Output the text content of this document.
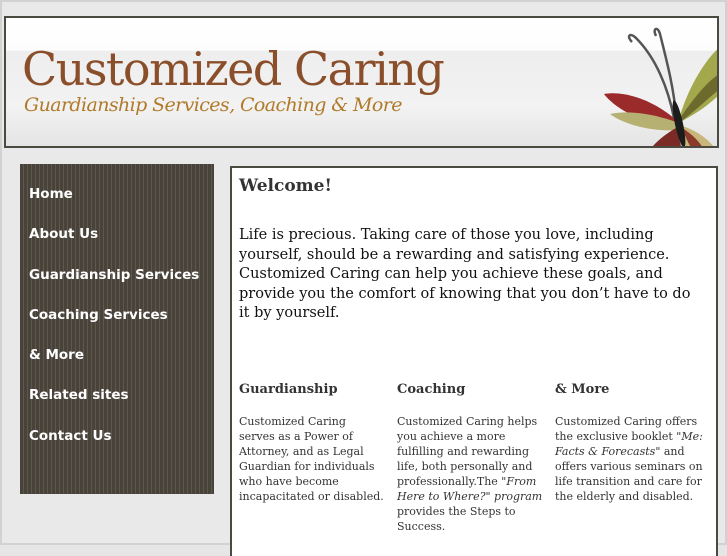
Customized Caring
Guardianship Services, Coaching & More
Home
About Us
Guardianship Services
Coaching Services
& More
Related sites
Contact Us
Welcome!

Life is precious. Taking care of those you love, including yourself, should be a rewarding and satisfying experience. Customized Caring can help you achieve these goals, and provide you the comfort of knowing that you don’t have to do it by yourself.

Guardianship

Customized Caring serves as a Power of Attorney, and as Legal Guardian for individuals who have become incapacitated or disabled.

Coaching

Customized Caring helps you achieve a more fulfilling and rewarding life, both personally and professionally.The "From Here to Where?" program provides the Steps to Success.

& More

Customized Caring offers the exclusive booklet "Me: Facts & Forecasts" and offers various seminars on life transition and care for the elderly and disabled.
